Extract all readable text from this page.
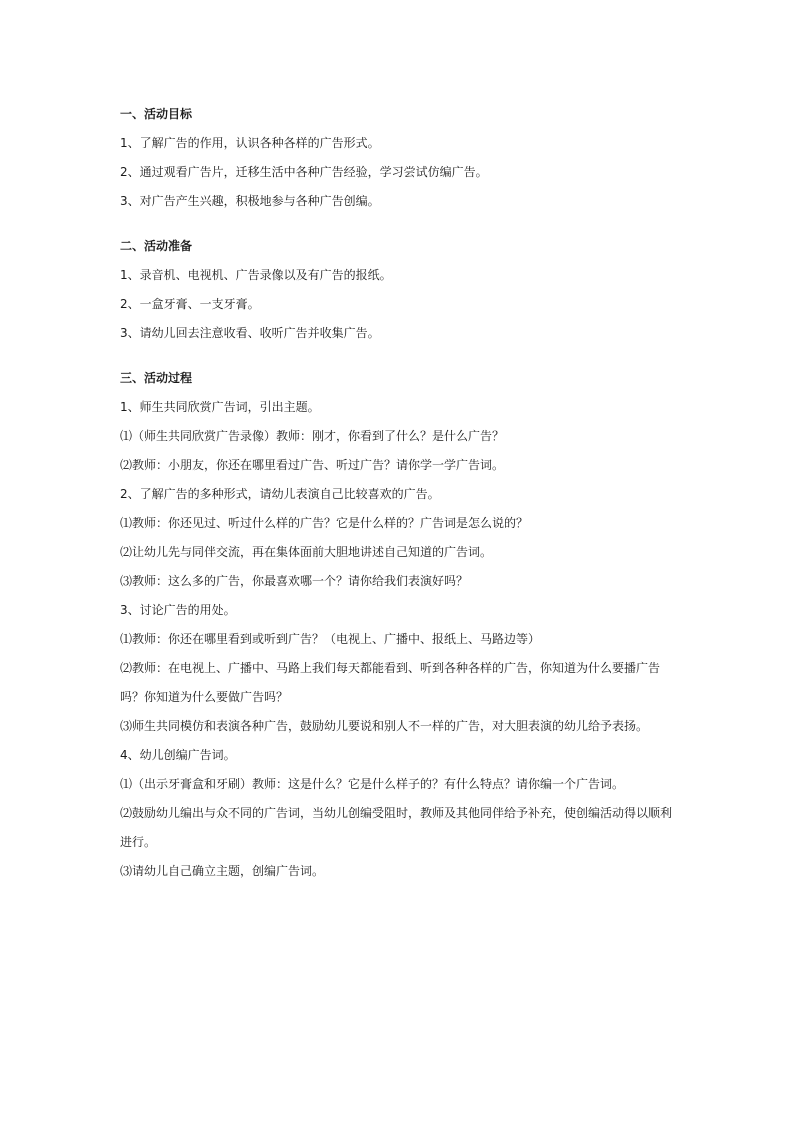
一、活动目标

1、了解广告的作用，认识各种各样的广告形式。

2、通过观看广告片，迁移生活中各种广告经验，学习尝试仿编广告。

3、对广告产生兴趣，积极地参与各种广告创编。

二、活动准备

1、录音机、电视机、广告录像以及有广告的报纸。

2、一盒牙膏、一支牙膏。

3、请幼儿回去注意收看、收听广告并收集广告。

三、活动过程

1、师生共同欣赏广告词，引出主题。

⑴（师生共同欣赏广告录像）教师：刚才，你看到了什么？是什么广告？

⑵教师：小朋友，你还在哪里看过广告、听过广告？请你学一学广告词。

2、了解广告的多种形式，请幼儿表演自己比较喜欢的广告。

⑴教师：你还见过、听过什么样的广告？它是什么样的？广告词是怎么说的？

⑵让幼儿先与同伴交流，再在集体面前大胆地讲述自己知道的广告词。

⑶教师：这么多的广告，你最喜欢哪一个？请你给我们表演好吗？

3、讨论广告的用处。

⑴教师：你还在哪里看到或听到广告？（电视上、广播中、报纸上、马路边等）

⑵教师：在电视上、广播中、马路上我们每天都能看到、听到各种各样的广告，你知道为什么要播广告吗？你知道为什么要做广告吗？

⑶师生共同模仿和表演各种广告，鼓励幼儿要说和别人不一样的广告，对大胆表演的幼儿给予表扬。

4、幼儿创编广告词。

⑴（出示牙膏盒和牙刷）教师：这是什么？它是什么样子的？有什么特点？请你编一个广告词。

⑵鼓励幼儿编出与众不同的广告词，当幼儿创编受阻时，教师及其他同伴给予补充，使创编活动得以顺利进行。

⑶请幼儿自己确立主题，创编广告词。
